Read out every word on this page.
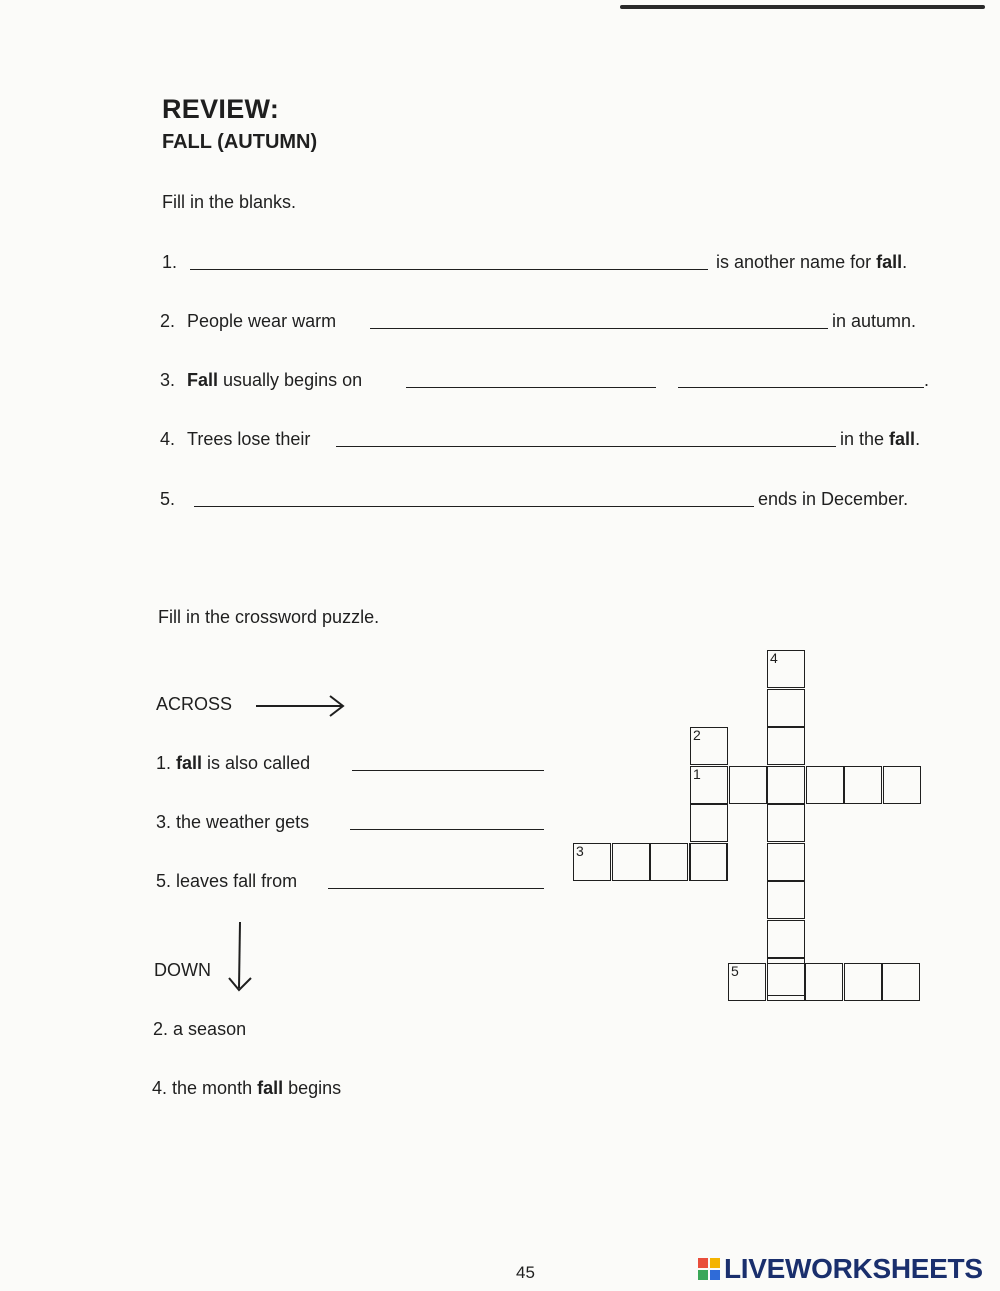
REVIEW:
FALL (AUTUMN)
Fill in the blanks.
1.	is another name for fall.
2. People wear warm	in autumn.
3. Fall usually begins on	.
4. Trees lose their	in the fall.
5.	ends in December.
Fill in the crossword puzzle.
ACROSS
1. fall is also called
3. the weather gets
5. leaves fall from
DOWN
2. a season
4. the month fall begins
4
2
1
3
5
45	LIVEWORKSHEETS
